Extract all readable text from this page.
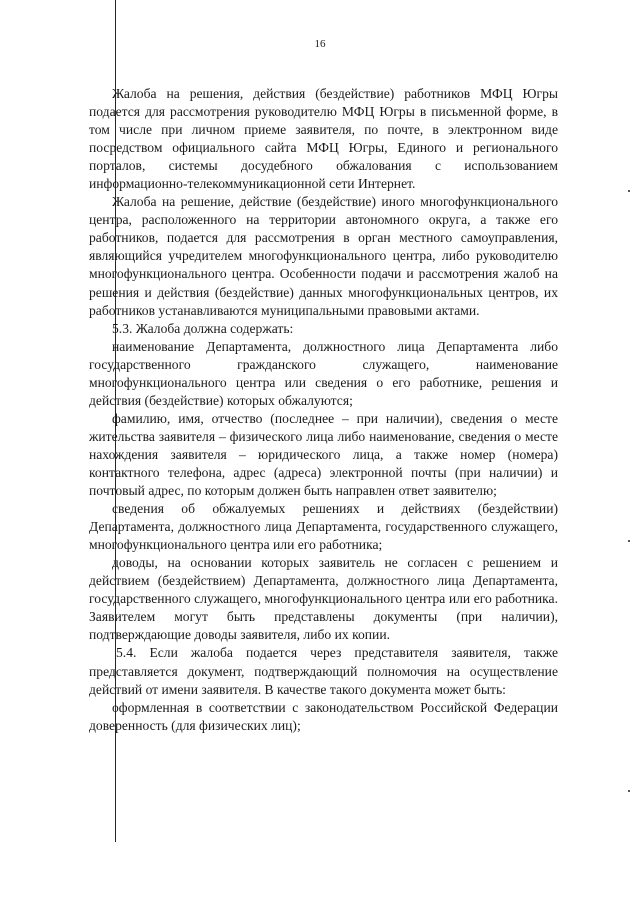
16

Жалоба на решения, действия (бездействие) работников МФЦ Югры подается для рассмотрения руководителю МФЦ Югры в письменной форме, в том числе при личном приеме заявителя, по почте, в электронном виде посредством официального сайта МФЦ Югры, Единого и регионального порталов, системы досудебного обжалования с использованием информационно-телекоммуникационной сети Интернет.

Жалоба на решение, действие (бездействие) иного многофункционального центра, расположенного на территории автономного округа, а также его работников, подается для рассмотрения в орган местного самоуправления, являющийся учредителем многофункционального центра, либо руководителю многофункционального центра. Особенности подачи и рассмотрения жалоб на решения и действия (бездействие) данных многофункциональных центров, их работников устанавливаются муниципальными правовыми актами.

5.3. Жалоба должна содержать:

наименование Департамента, должностного лица Департамента либо государственного гражданского служащего, наименование многофункционального центра или сведения о его работнике, решения и действия (бездействие) которых обжалуются;

фамилию, имя, отчество (последнее – при наличии), сведения о месте жительства заявителя – физического лица либо наименование, сведения о месте нахождения заявителя – юридического лица, а также номер (номера) контактного телефона, адрес (адреса) электронной почты (при наличии) и почтовый адрес, по которым должен быть направлен ответ заявителю;

сведения об обжалуемых решениях и действиях (бездействии) Департамента, должностного лица Департамента, государственного служащего, многофункционального центра или его работника;

доводы, на основании которых заявитель не согласен с решением и действием (бездействием) Департамента, должностного лица Департамента, государственного служащего, многофункционального центра или его работника. Заявителем могут быть представлены документы (при наличии), подтверждающие доводы заявителя, либо их копии.

5.4. Если жалоба подается через представителя заявителя, также представляется документ, подтверждающий полномочия на осуществление действий от имени заявителя. В качестве такого документа может быть:

оформленная в соответствии с законодательством Российской Федерации доверенность (для физических лиц);
